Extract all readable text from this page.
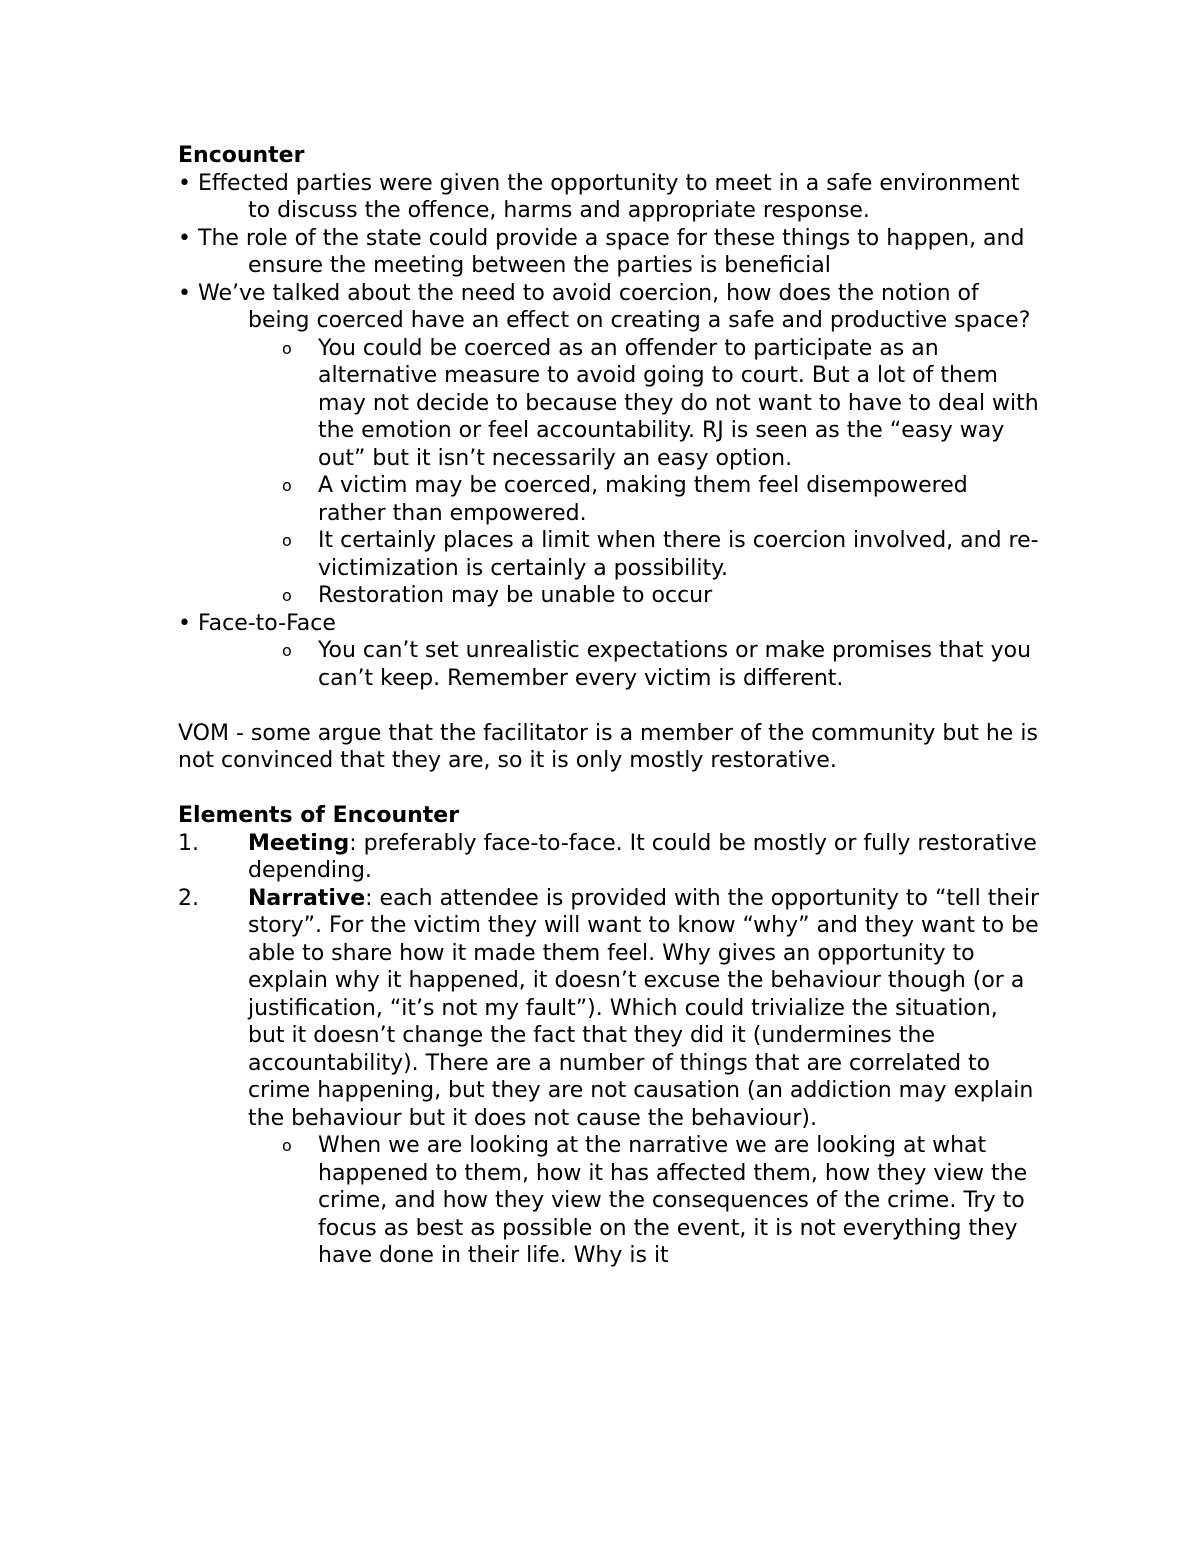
Encounter

• Effected parties were given the opportunity to meet in a safe environment to discuss the offence, harms and appropriate response.
• The role of the state could provide a space for these things to happen, and ensure the meeting between the parties is beneficial
• We’ve talked about the need to avoid coercion, how does the notion of being coerced have an effect on creating a safe and productive space?
o You could be coerced as an offender to participate as an alternative measure to avoid going to court. But a lot of them may not decide to because they do not want to have to deal with the emotion or feel accountability. RJ is seen as the “easy way out” but it isn’t necessarily an easy option.
o A victim may be coerced, making them feel disempowered rather than empowered.
o It certainly places a limit when there is coercion involved, and re-victimization is certainly a possibility.
o Restoration may be unable to occur
• Face-to-Face
o You can’t set unrealistic expectations or make promises that you can’t keep. Remember every victim is different.

VOM - some argue that the facilitator is a member of the community but he is not convinced that they are, so it is only mostly restorative.

Elements of Encounter

1. Meeting: preferably face-to-face. It could be mostly or fully restorative depending.
2. Narrative: each attendee is provided with the opportunity to “tell their story”. For the victim they will want to know “why” and they want to be able to share how it made them feel. Why gives an opportunity to explain why it happened, it doesn’t excuse the behaviour though (or a justification, “it’s not my fault”). Which could trivialize the situation, but it doesn’t change the fact that they did it (undermines the accountability). There are a number of things that are correlated to crime happening, but they are not causation (an addiction may explain the behaviour but it does not cause the behaviour).
o When we are looking at the narrative we are looking at what happened to them, how it has affected them, how they view the crime, and how they view the consequences of the crime. Try to focus as best as possible on the event, it is not everything they have done in their life. Why is it
